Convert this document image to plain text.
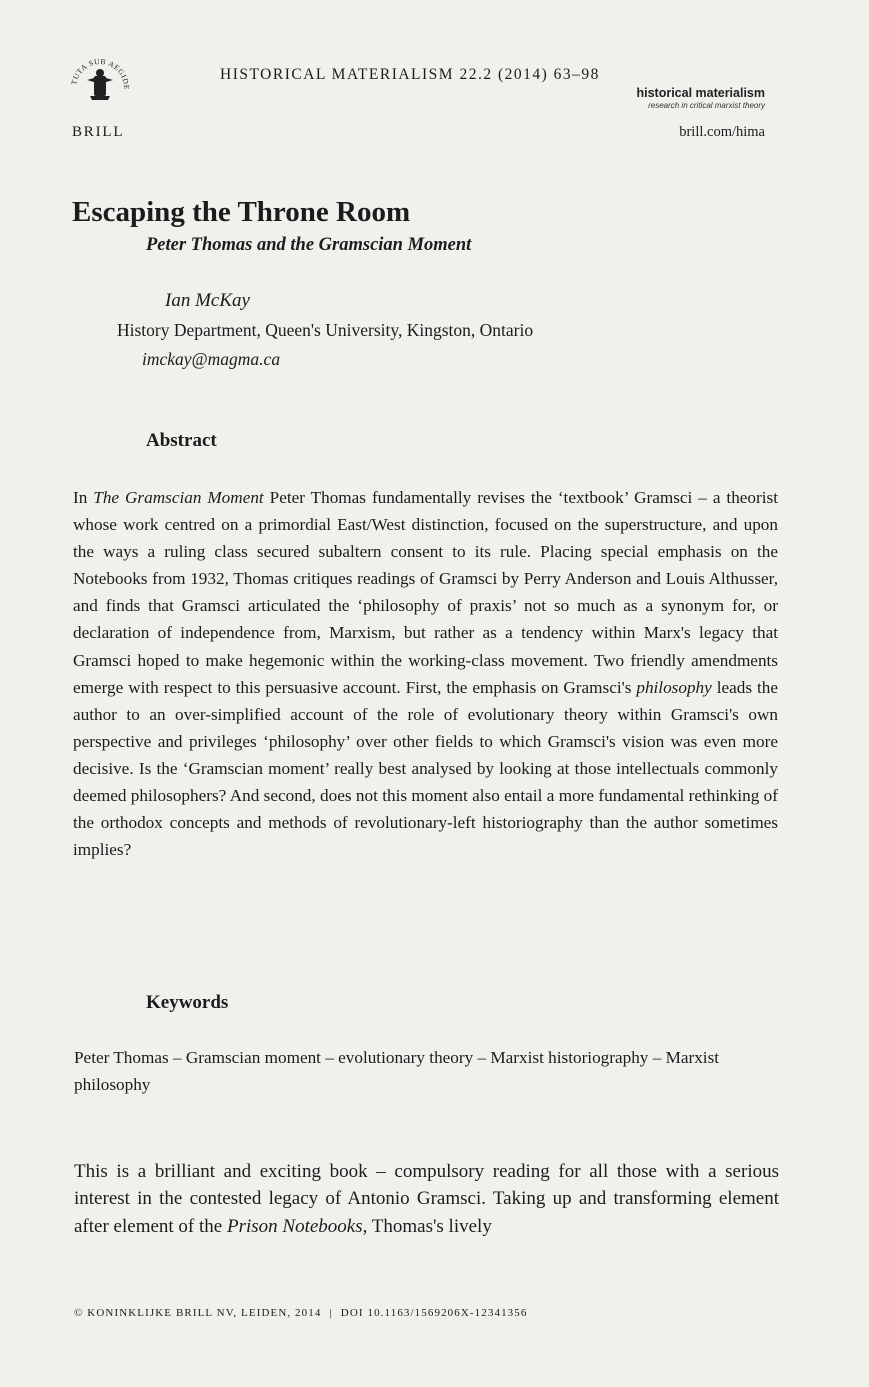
TUTA SUB AEGIDE
BRILL
HISTORICAL MATERIALISM 22.2 (2014) 63–98
historical materialism
research in critical marxist theory
brill.com/hima
Escaping the Throne Room
Peter Thomas and the Gramscian Moment
Ian McKay
History Department, Queen's University, Kingston, Ontario
imckay@magma.ca
Abstract

In The Gramscian Moment Peter Thomas fundamentally revises the ‘textbook’ Gramsci – a theorist whose work centred on a primordial East/West distinction, focused on the superstructure, and upon the ways a ruling class secured subaltern consent to its rule. Placing special emphasis on the Notebooks from 1932, Thomas critiques readings of Gramsci by Perry Anderson and Louis Althusser, and finds that Gramsci articulated the ‘philosophy of praxis’ not so much as a synonym for, or declaration of independence from, Marxism, but rather as a tendency within Marx's legacy that Gramsci hoped to make hegemonic within the working-class movement. Two friendly amendments emerge with respect to this persuasive account. First, the emphasis on Gramsci's philosophy leads the author to an over-simplified account of the role of evolutionary theory within Gramsci's own perspective and privileges ‘philosophy’ over other fields to which Gramsci's vision was even more decisive. Is the ‘Gramscian moment’ really best analysed by looking at those intellectuals commonly deemed philosophers? And second, does not this moment also entail a more fundamental rethinking of the orthodox concepts and methods of revolutionary-left historiography than the author sometimes implies?

Keywords
Peter Thomas – Gramscian moment – evolutionary theory – Marxist historiography – Marxist philosophy

This is a brilliant and exciting book – compulsory reading for all those with a serious interest in the contested legacy of Antonio Gramsci. Taking up and transforming element after element of the Prison Notebooks, Thomas's lively

© KONINKLIJKE BRILL NV, LEIDEN, 2014 | DOI 10.1163/1569206X-12341356
